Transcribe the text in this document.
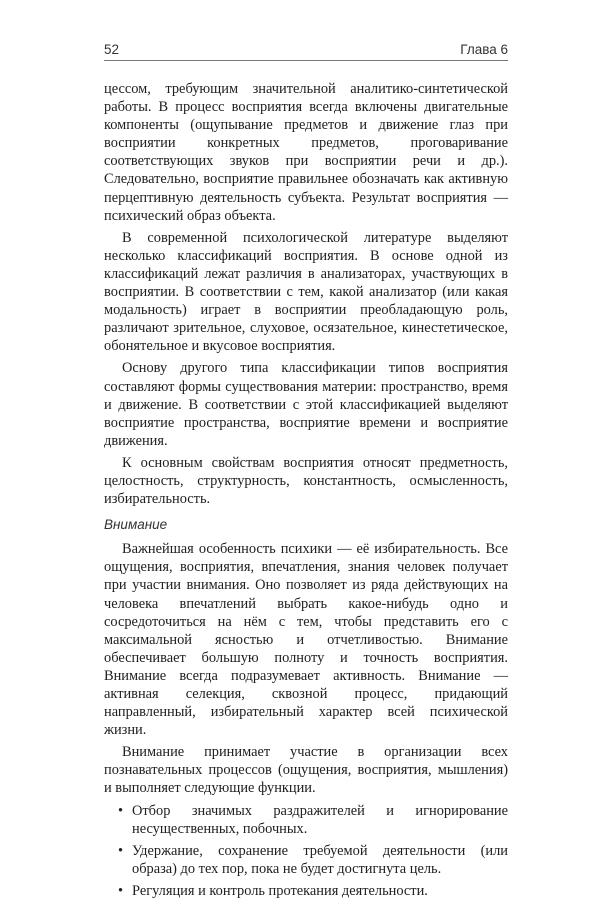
52	Глава 6

цессом, требующим значительной аналитико-синтетической работы. В процесс восприятия всегда включены двигательные компоненты (ощупывание предметов и движение глаз при восприятии конкретных предметов, проговаривание соответствующих звуков при восприятии речи и др.). Следовательно, восприятие правильнее обозначать как активную перцептивную деятельность субъекта. Результат восприятия — психический образ объекта.

В современной психологической литературе выделяют несколько классификаций восприятия. В основе одной из классификаций лежат различия в анализаторах, участвующих в восприятии. В соответствии с тем, какой анализатор (или какая модальность) играет в восприятии преобладающую роль, различают зрительное, слуховое, осязательное, кинестетическое, обонятельное и вкусовое восприятия.

Основу другого типа классификации типов восприятия составляют формы существования материи: пространство, время и движение. В соответствии с этой классификацией выделяют восприятие пространства, восприятие времени и восприятие движения.

К основным свойствам восприятия относят предметность, целостность, структурность, константность, осмысленность, избирательность.

Внимание

Важнейшая особенность психики — её избирательность. Все ощущения, восприятия, впечатления, знания человек получает при участии внимания. Оно позволяет из ряда действующих на человека впечатлений выбрать какое-нибудь одно и сосредоточиться на нём с тем, чтобы представить его с максимальной ясностью и отчетливостью. Внимание обеспечивает большую полноту и точность восприятия. Внимание всегда подразумевает активность. Внимание — активная селекция, сквозной процесс, придающий направленный, избирательный характер всей психической жизни.

Внимание принимает участие в организации всех познавательных процессов (ощущения, восприятия, мышления) и выполняет следующие функции.

• Отбор значимых раздражителей и игнорирование несущественных, побочных.
• Удержание, сохранение требуемой деятельности (или образа) до тех пор, пока не будет достигнута цель.
• Регуляция и контроль протекания деятельности.
